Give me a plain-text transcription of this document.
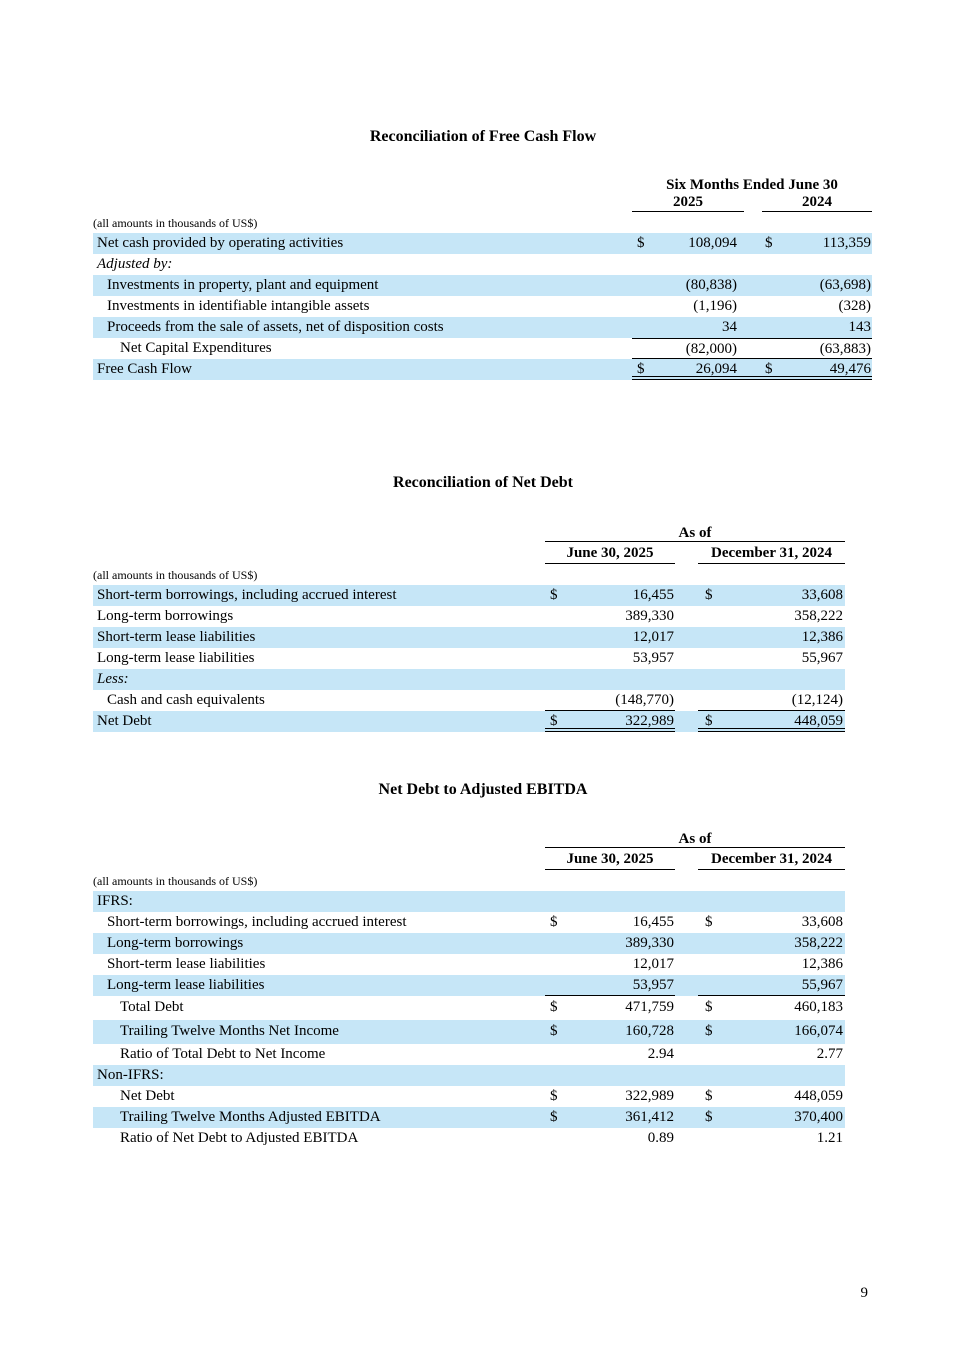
Reconciliation of Free Cash Flow
Six Months Ended June 30
2025	2024
(all amounts in thousands of US$)
Net cash provided by operating activities	$	108,094 $	113,359
Adjusted by:
Investments in property, plant and equipment	(80,838)	(63,698)
Investments in identifiable intangible assets	(1,196)	(328)
Proceeds from the sale of assets, net of disposition costs	34	143
Net Capital Expenditures	(82,000)	(63,883)
Free Cash Flow	$	26,094 $	49,476
Reconciliation of Net Debt
As of
June 30, 2025	December 31, 2024
(all amounts in thousands of US$)
Short-term borrowings, including accrued interest	$	16,455 $	33,608
Long-term borrowings	389,330	358,222
Short-term lease liabilities	12,017	12,386
Long-term lease liabilities	53,957	55,967
Less:
Cash and cash equivalents	(148,770)	(12,124)
Net Debt	$	322,989 $	448,059
Net Debt to Adjusted EBITDA
As of
June 30, 2025	December 31, 2024
(all amounts in thousands of US$)
IFRS:
Short-term borrowings, including accrued interest	$	16,455 $	33,608
Long-term borrowings	389,330	358,222
Short-term lease liabilities	12,017	12,386
Long-term lease liabilities	53,957	55,967
Total Debt	$	471,759 $	460,183
Trailing Twelve Months Net Income	$	160,728 $	166,074
Ratio of Total Debt to Net Income	2.94	2.77
Non-IFRS:
Net Debt	$	322,989 $	448,059
Trailing Twelve Months Adjusted EBITDA	$	361,412 $	370,400
Ratio of Net Debt to Adjusted EBITDA	0.89	1.21
9
